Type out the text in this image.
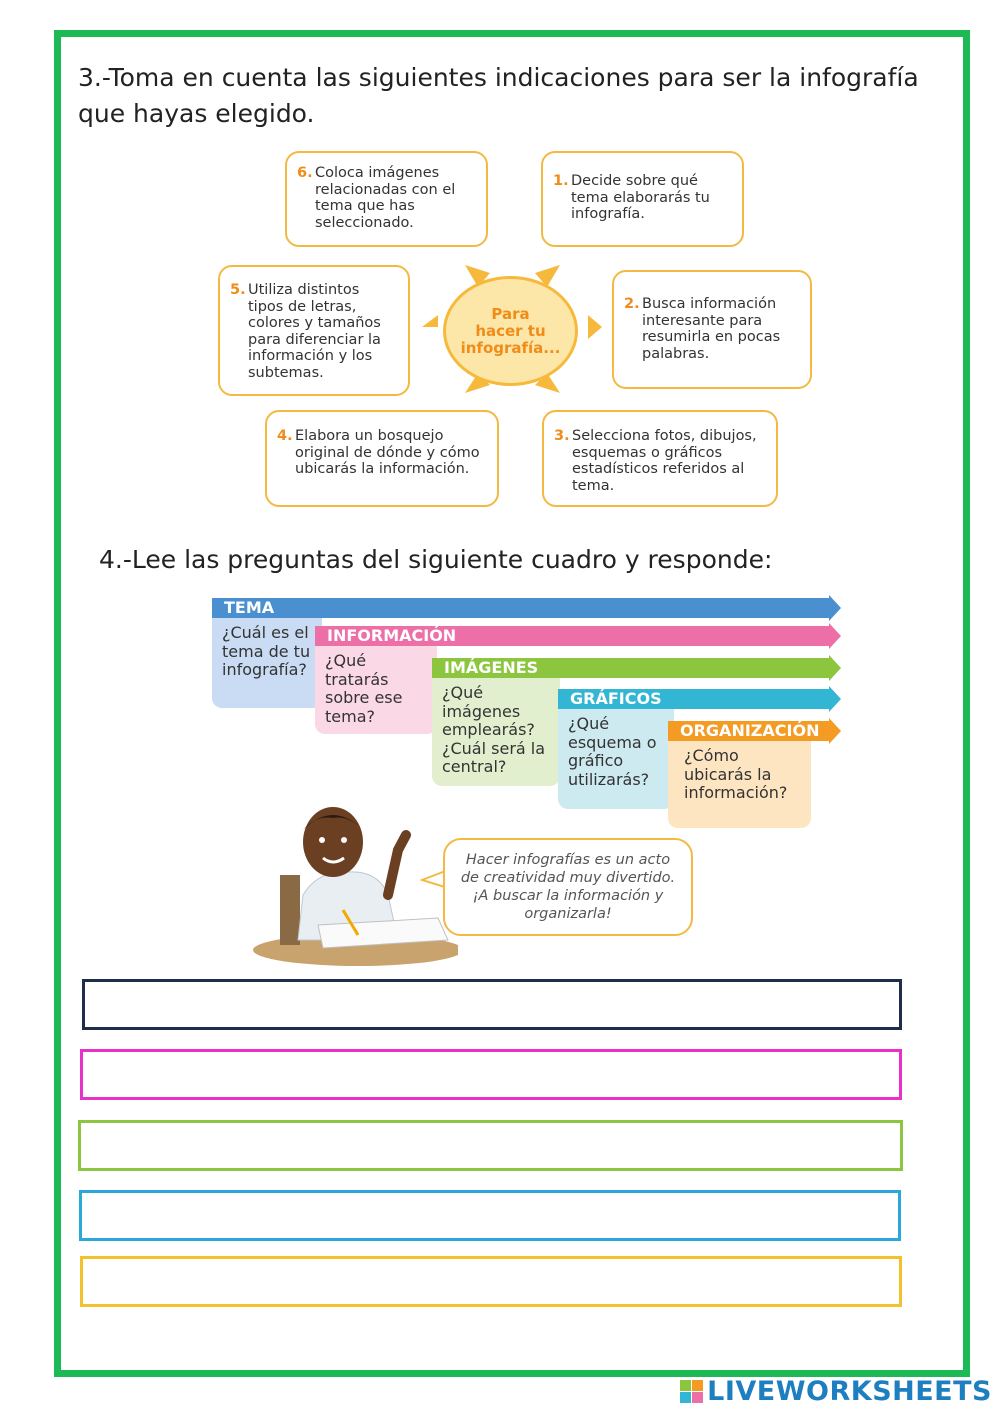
3.-Toma en cuenta las siguientes indicaciones para ser la infografía
que hayas elegido.
Para
hacer tu
infografía...
1. Decide sobre qué tema elaborarás tu infografía.
2. Busca información interesante para resumirla en pocas palabras.
3. Selecciona fotos, dibujos, esquemas o gráficos estadísticos referidos al tema.
4. Elabora un bosquejo original de dónde y cómo ubicarás la información.
5. Utiliza distintos tipos de letras, colores y tamaños para diferenciar la información y los subtemas.
6. Coloca imágenes relacionadas con el tema que has seleccionado.
4.-Lee las preguntas del siguiente cuadro y responde:
¿Cuál es el tema de tu infografía?
TEMA
¿Qué tratarás sobre ese tema?
INFORMACIÓN
¿Qué imágenes emplearás? ¿Cuál será la central?
IMÁGENES
¿Qué esquema o gráfico utilizarás?
GRÁFICOS
¿Cómo ubicarás la información?
ORGANIZACIÓN
Hacer infografías es un acto de creatividad muy divertido. ¡A buscar la información y organizarla!
LIVEWORKSHEETS
